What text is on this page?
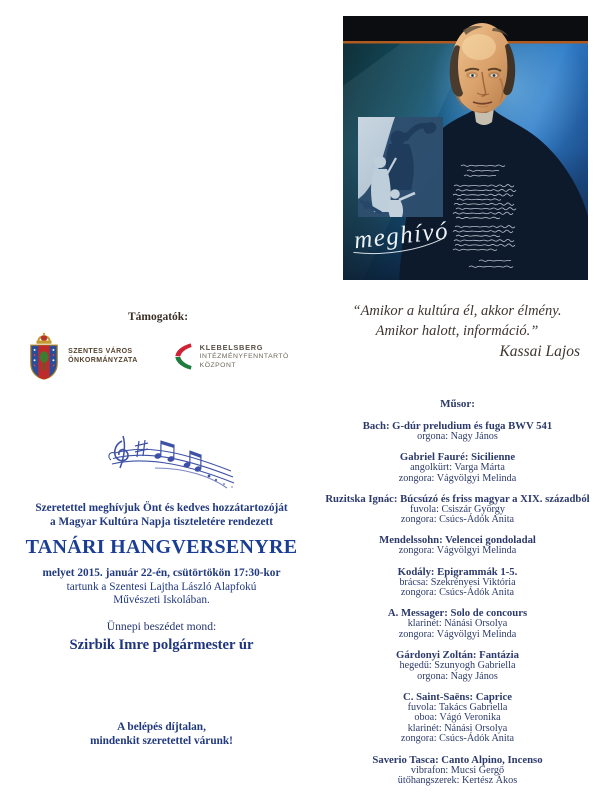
meghívó
“Amikor a kultúra él, akkor élmény.
Amikor halott, információ.”
Kassai Lajos
Támogatók:
SZENTES VÁROS
ÖNKORMÁNYZATA
KLEBELSBERG
INTÉZMÉNYFENNTARTÓ
KÖZPONT
Szeretettel meghívjuk Önt és kedves hozzátartozóját
a Magyar Kultúra Napja tiszteletére rendezett
TANÁRI HANGVERSENYRE
melyet 2015. január 22-én, csütörtökön 17:30-kor
tartunk a Szentesi Lajtha László Alapfokú
Művészeti Iskolában.
Ünnepi beszédet mond:
Szirbik Imre polgármester úr
A belépés díjtalan,
mindenkit szeretettel várunk!
Műsor:
Bach: G-dúr preludium és fuga BWV 541
orgona: Nagy János
Gabriel Fauré: Sicilienne
angolkürt: Varga Márta
zongora: Vágvölgyi Melinda
Ruzitska Ignác: Búcsúzó és friss magyar a XIX. századból
fuvola: Csiszár György
zongora: Csúcs-Ádók Anita
Mendelssohn: Velencei gondoladal
zongora: Vágvölgyi Melinda
Kodály: Epigrammák 1-5.
brácsa: Szekrényesi Viktória
zongora: Csúcs-Ádók Anita
A. Messager: Solo de concours
klarinét: Nánási Orsolya
zongora: Vágvölgyi Melinda
Gárdonyi Zoltán: Fantázia
hegedű: Szunyogh Gabriella
orgona: Nagy János
C. Saint-Saëns: Caprice
fuvola: Takács Gabriella
oboa: Vágó Veronika
klarinét: Nánási Orsolya
zongora: Csúcs-Ádók Anita
Saverio Tasca: Canto Alpino, Incenso
vibrafon: Mucsi Gergő
ütőhangszerek: Kertész Ákos
